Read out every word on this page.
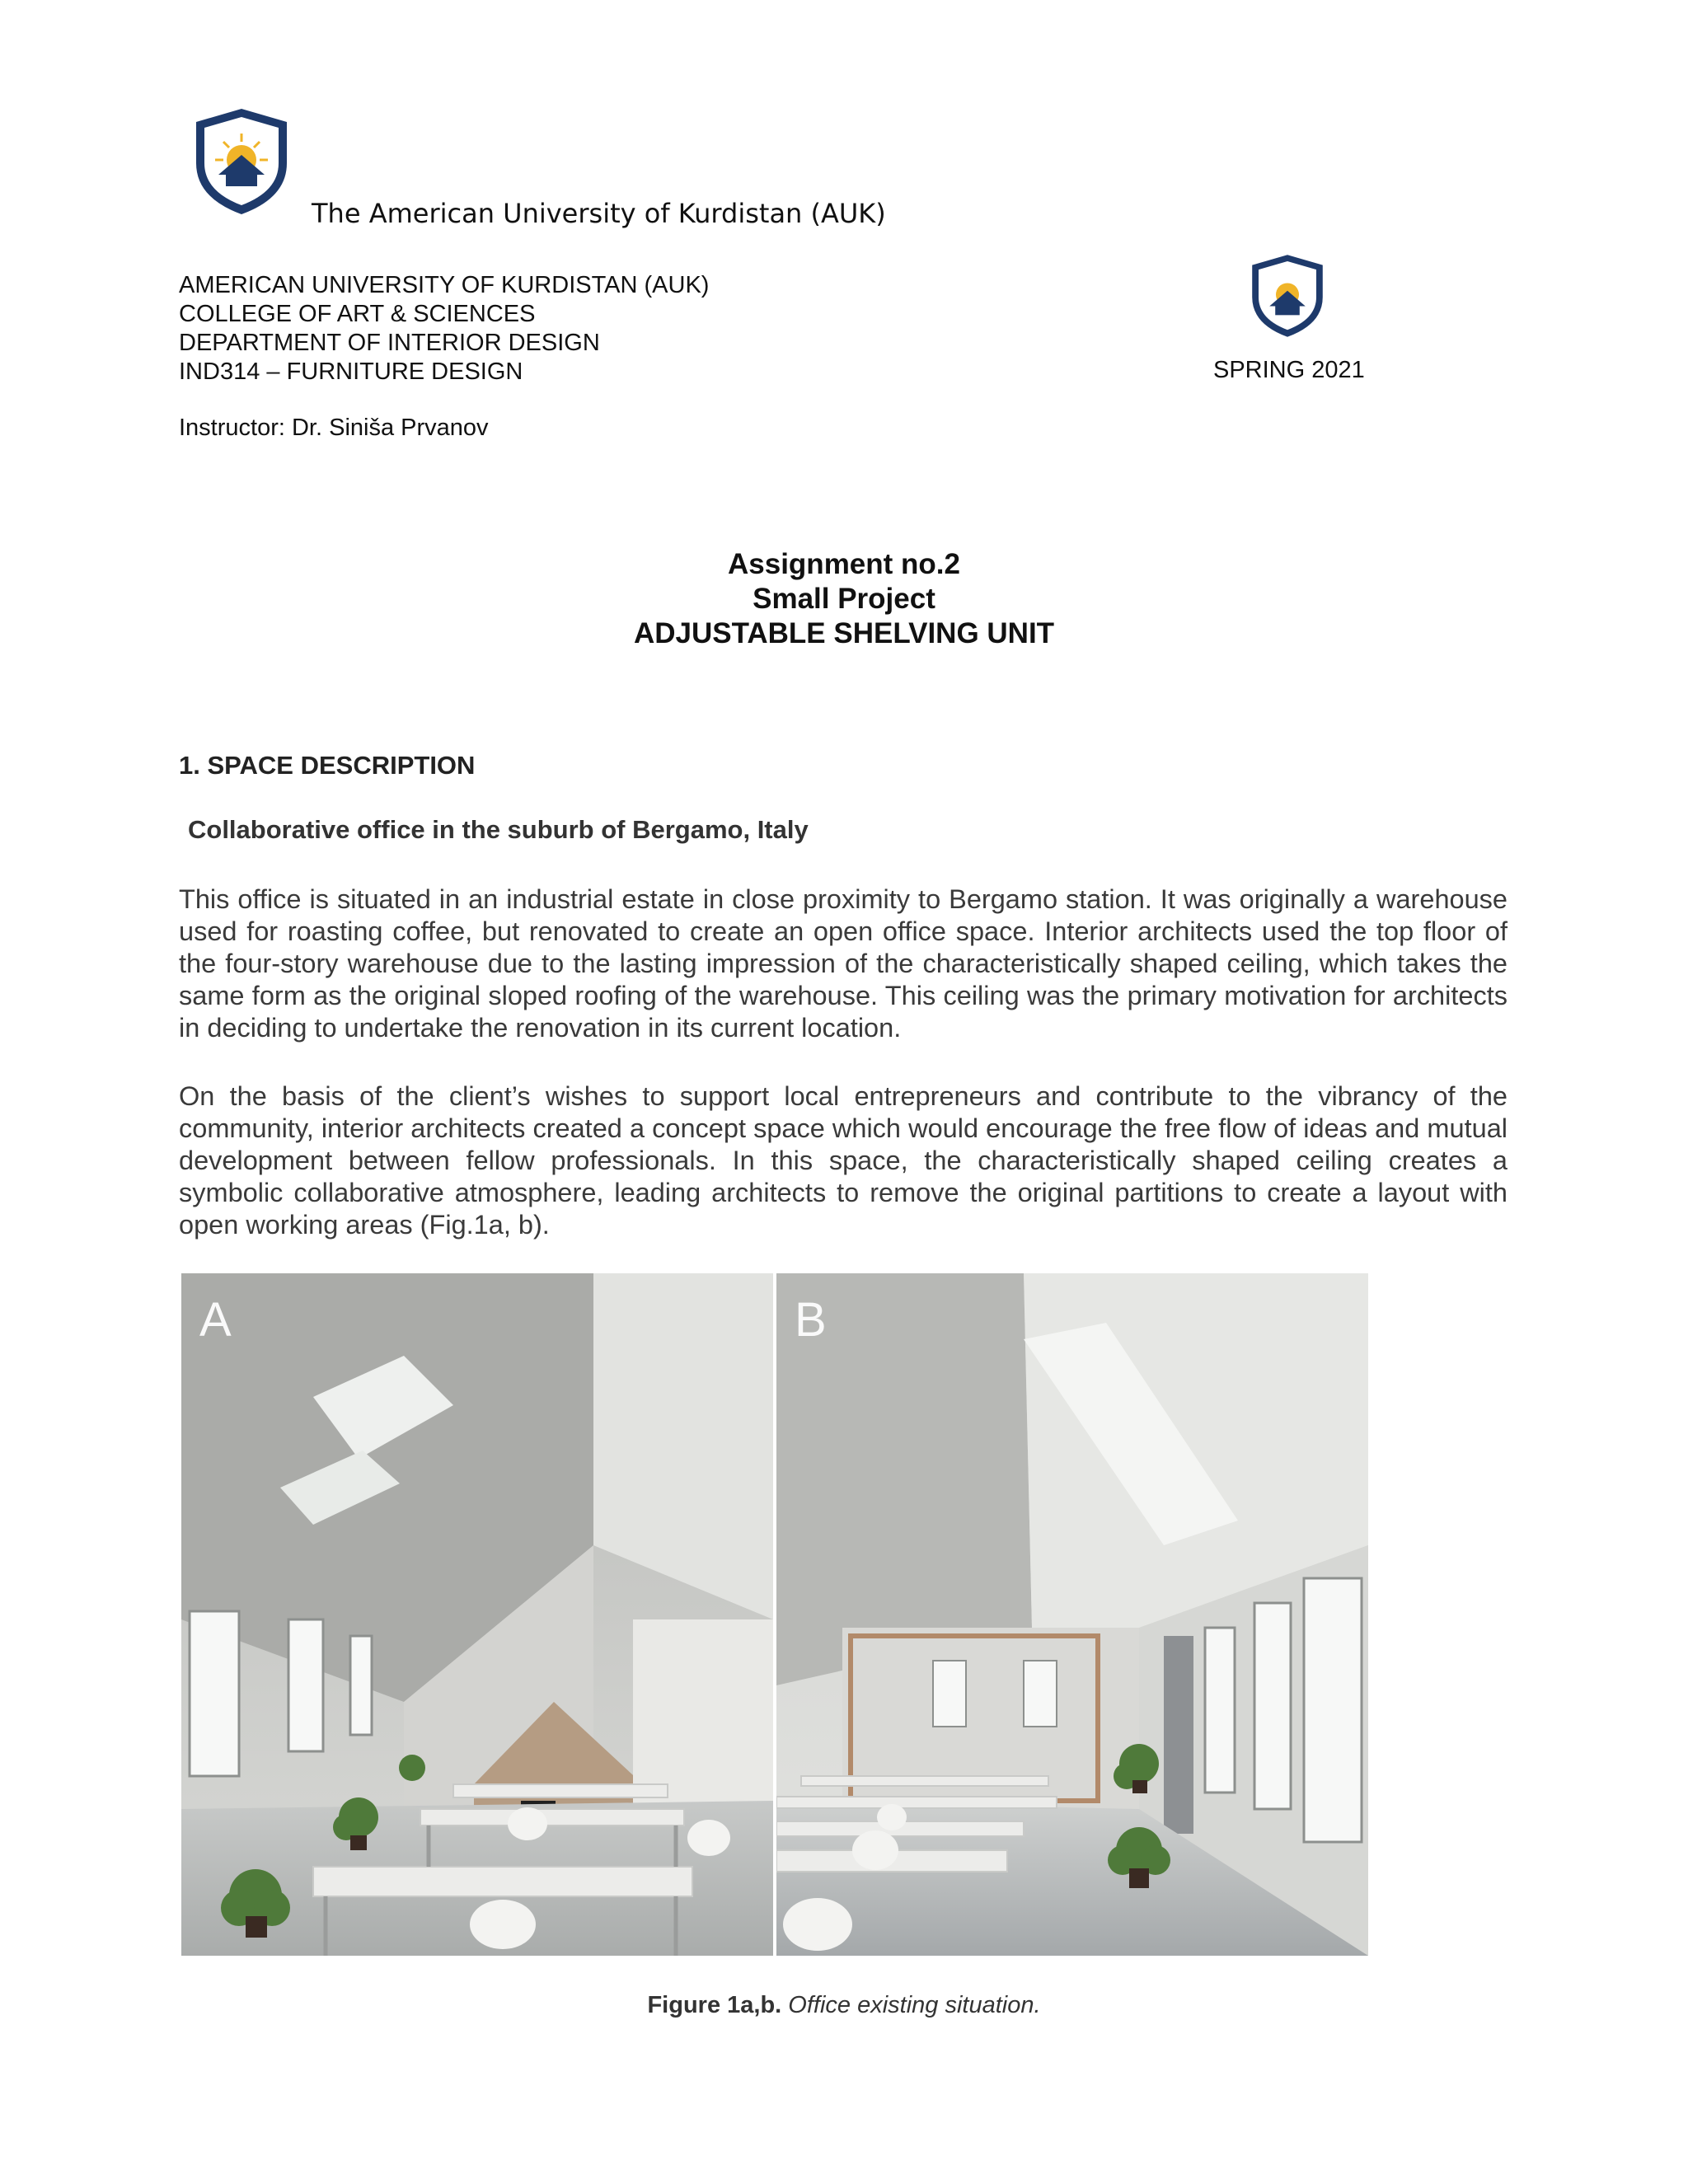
The American University of Kurdistan (AUK)
AMERICAN UNIVERSITY OF KURDISTAN (AUK)
COLLEGE OF ART & SCIENCES
DEPARTMENT OF INTERIOR DESIGN
IND314 – FURNITURE DESIGN	SPRING 2021
Instructor: Dr. Siniša Prvanov
Assignment no.2
Small Project
ADJUSTABLE SHELVING UNIT
1. SPACE DESCRIPTION
Collaborative office in the suburb of Bergamo, Italy

This office is situated in an industrial estate in close proximity to Bergamo station. It was originally a warehouse used for roasting coffee, but renovated to create an open office space. Interior architects used the top floor of the four-story warehouse due to the lasting impression of the characteristically shaped ceiling, which takes the same form as the original sloped roofing of the warehouse. This ceiling was the primary motivation for architects in deciding to undertake the renovation in its current location.

On the basis of the client’s wishes to support local entrepreneurs and contribute to the vibrancy of the community, interior architects created a concept space which would encourage the free flow of ideas and mutual development between fellow professionals. In this space, the characteristically shaped ceiling creates a symbolic collaborative atmosphere, leading architects to remove the original partitions to create a layout with open working areas (Fig.1a, b).

A	B
Figure 1a,b. Office existing situation.
